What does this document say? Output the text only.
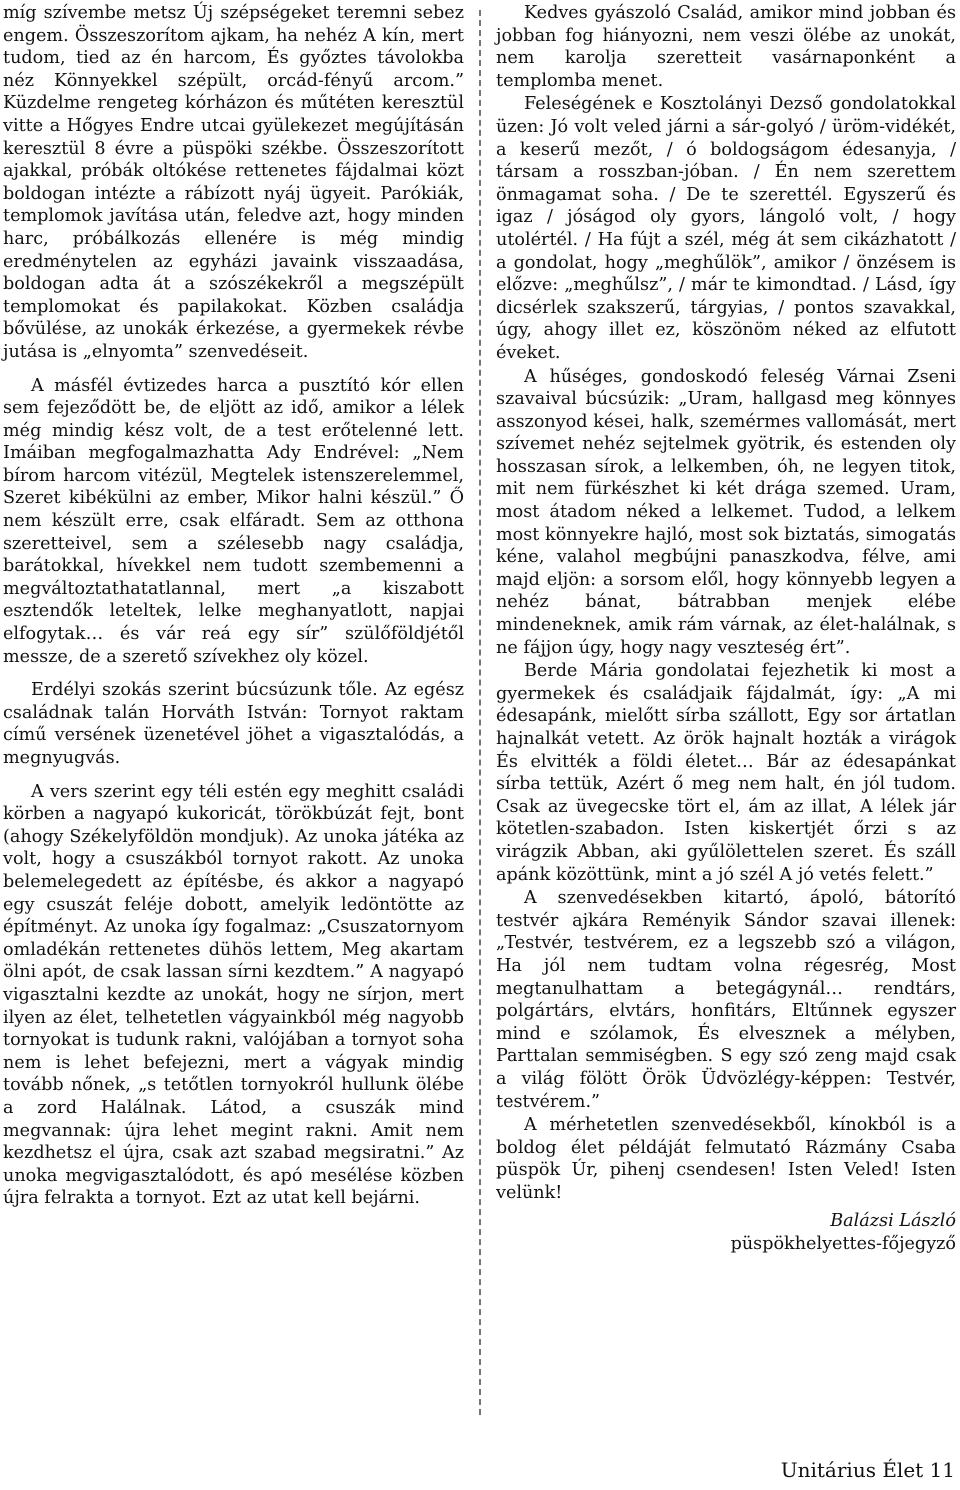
míg szívembe metsz Új szépségeket teremni sebez engem. Összeszorítom ajkam, ha nehéz A kín, mert tudom, tied az én harcom, És győztes távolokba néz Könnyekkel szépült, orcád-fényű arcom.” Küzdelme rengeteg kórházon és műtéten keresztül vitte a Hőgyes Endre utcai gyülekezet megújításán keresztül 8 évre a püspöki székbe. Összeszorított ajakkal, próbák oltókése rettenetes fájdalmai közt boldogan intézte a rábízott nyáj ügyeit. Parókiák, templomok javítása után, feledve azt, hogy minden harc, próbálkozás ellenére is még mindig eredménytelen az egyházi javaink visszaadása, boldogan adta át a szószékekről a megszépült templomokat és papilakokat. Közben családja bővülése, az unokák érkezése, a gyermekek révbe jutása is „elnyomta” szenvedéseit.

A másfél évtizedes harca a pusztító kór ellen sem fejeződött be, de eljött az idő, amikor a lélek még mindig kész volt, de a test erőtelenné lett. Imáiban megfogalmazhatta Ady Endrével: „Nem bírom harcom vitézül, Megtelek istenszerelemmel, Szeret kibékülni az ember, Mikor halni készül.” Ő nem készült erre, csak elfáradt. Sem az otthona szeretteivel, sem a szélesebb nagy családja, barátokkal, hívekkel nem tudott szembemenni a megváltoztathatatlannal, mert „a kiszabott esztendők leteltek, lelke meghanyatlott, napjai elfogytak… és vár reá egy sír” szülőföldjétől messze, de a szerető szívekhez oly közel.

Erdélyi szokás szerint búcsúzunk tőle. Az egész családnak talán Horváth István: Tornyot raktam című versének üzenetével jöhet a vigasztalódás, a megnyugvás.

A vers szerint egy téli estén egy meghitt családi körben a nagyapó kukoricát, törökbúzát fejt, bont (ahogy Székelyföldön mondjuk). Az unoka játéka az volt, hogy a csuszákból tornyot rakott. Az unoka belemelegedett az építésbe, és akkor a nagyapó egy csuszát feléje dobott, amelyik ledöntötte az építményt. Az unoka így fogalmaz: „Csuszatornyom omladékán rettenetes dühös lettem, Meg akartam ölni apót, de csak lassan sírni kezdtem.” A nagyapó vigasztalni kezdte az unokát, hogy ne sírjon, mert ilyen az élet, telhetetlen vágyainkból még nagyobb tornyokat is tudunk rakni, valójában a tornyot soha nem is lehet befejezni, mert a vágyak mindig tovább nőnek, „s tetőtlen tornyokról hullunk ölébe a zord Halálnak. Látod, a csuszák mind megvannak: újra lehet megint rakni. Amit nem kezdhetsz el újra, csak azt szabad megsiratni.” Az unoka megvigasztalódott, és apó mesélése közben újra felrakta a tornyot. Ezt az utat kell bejárni.

Kedves gyászoló Család, amikor mind jobban és jobban fog hiányozni, nem veszi ölébe az unokát, nem karolja szeretteit vasárnaponként a templomba menet.

Feleségének e Kosztolányi Dezső gondolatokkal üzen: Jó volt veled járni a sár-golyó / üröm-vidékét, a keserű mezőt, / ó boldogságom édesanyja, / társam a rosszban-jóban. / Én nem szerettem önmagamat soha. / De te szerettél. Egyszerű és igaz / jóságod oly gyors, lángoló volt, / hogy utolértél. / Ha fújt a szél, még át sem cikázhatott / a gondolat, hogy „meghűlök”, amikor / önzésem is előzve: „meghűlsz”, / már te kimondtad. / Lásd, így dicsérlek szakszerű, tárgyias, / pontos szavakkal, úgy, ahogy illet ez, köszönöm néked az elfutott éveket.

A hűséges, gondoskodó feleség Várnai Zseni szavaival búcsúzik: „Uram, hallgasd meg könnyes asszonyod kései, halk, szemérmes vallomását, mert szívemet nehéz sejtelmek gyötrik, és estenden oly hosszasan sírok, a lelkemben, óh, ne legyen titok, mit nem fürkészhet ki két drága szemed. Uram, most átadom néked a lelkemet. Tudod, a lelkem most könnyekre hajló, most sok biztatás, simogatás kéne, valahol megbújni panaszkodva, félve, ami majd eljön: a sorsom elől, hogy könnyebb legyen a nehéz bánat, bátrabban menjek elébe mindeneknek, amik rám várnak, az élet-halálnak, s ne fájjon úgy, hogy nagy veszteség ért”.

Berde Mária gondolatai fejezhetik ki most a gyermekek és családjaik fájdalmát, így: „A mi édesapánk, mielőtt sírba szállott, Egy sor ártatlan hajnalkát vetett. Az örök hajnalt hozták a virágok És elvitték a földi életet… Bár az édesapánkat sírba tettük, Azért ő meg nem halt, én jól tudom. Csak az üvegecske tört el, ám az illat, A lélek jár kötetlen-szabadon. Isten kiskertjét őrzi s az virágzik Abban, aki gyűlölettelen szeret. És száll apánk közöttünk, mint a jó szél A jó vetés felett.”

A szenvedésekben kitartó, ápoló, bátorító testvér ajkára Reményik Sándor szavai illenek: „Testvér, testvérem, ez a legszebb szó a világon, Ha jól nem tudtam volna régesrég, Most megtanulhattam a betegágynál… rendtárs, polgártárs, elvtárs, honfitárs, Eltűnnek egyszer mind e szólamok, És elvesznek a mélyben, Parttalan semmiségben. S egy szó zeng majd csak a világ fölött Örök Üdvözlégy-képpen: Testvér, testvérem.”

A mérhetetlen szenvedésekből, kínokból is a boldog élet példáját felmutató Rázmány Csaba püspök Úr, pihenj csendesen! Isten Veled! Isten velünk!

Balázsi László
püspökhelyettes-főjegyző
Unitárius Élet 11
